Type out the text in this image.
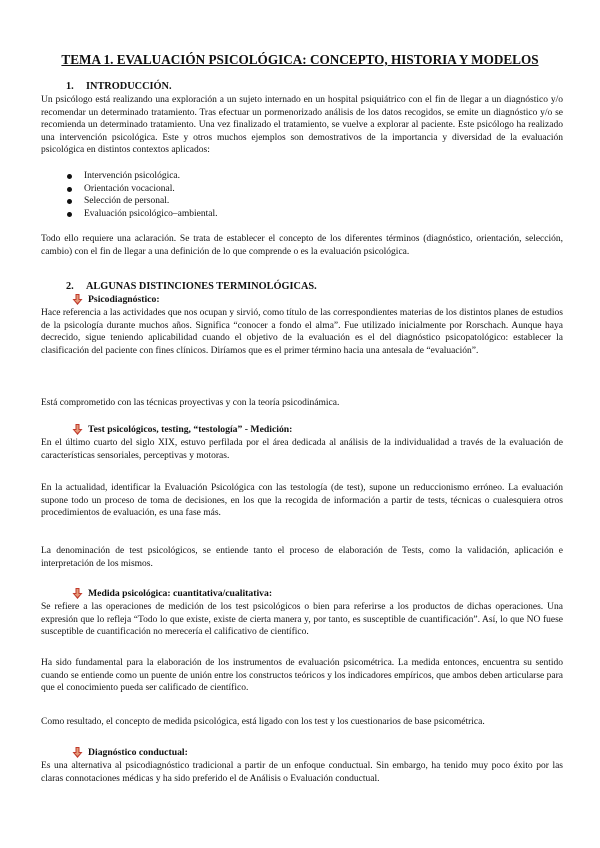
TEMA 1. EVALUACIÓN PSICOLÓGICA: CONCEPTO, HISTORIA Y MODELOS
1. INTRODUCCIÓN.

Un psicólogo está realizando una exploración a un sujeto internado en un hospital psiquiátrico con el fin de llegar a un diagnóstico y/o recomendar un determinado tratamiento. Tras efectuar un pormenorizado análisis de los datos recogidos, se emite un diagnóstico y/o se recomienda un determinado tratamiento. Una vez finalizado el tratamiento, se vuelve a explorar al paciente. Este psicólogo ha realizado una intervención psicológica. Este y otros muchos ejemplos son demostrativos de la importancia y diversidad de la evaluación psicológica en distintos contextos aplicados:

Intervención psicológica.
Orientación vocacional.
Selección de personal.
Evaluación psicológico–ambiental.

Todo ello requiere una aclaración. Se trata de establecer el concepto de los diferentes términos (diagnóstico, orientación, selección, cambio) con el fin de llegar a una definición de lo que comprende o es la evaluación psicológica.

2. ALGUNAS DISTINCIONES TERMINOLÓGICAS.
Psicodiagnóstico:

Hace referencia a las actividades que nos ocupan y sirvió, como título de las correspondientes materias de los distintos planes de estudios de la psicología durante muchos años. Significa “conocer a fondo el alma”. Fue utilizado inicialmente por Rorschach. Aunque haya decrecido, sigue teniendo aplicabilidad cuando el objetivo de la evaluación es el del diagnóstico psicopatológico: establecer la clasificación del paciente con fines clínicos. Diríamos que es el primer término hacia una antesala de “evaluación”.

Está comprometido con las técnicas proyectivas y con la teoría psicodinámica.

Test psicológicos, testing, “testología” - Medición:

En el último cuarto del siglo XIX, estuvo perfilada por el área dedicada al análisis de la individualidad a través de la evaluación de características sensoriales, perceptivas y motoras.

En la actualidad, identificar la Evaluación Psicológica con las testología (de test), supone un reduccionismo erróneo. La evaluación supone todo un proceso de toma de decisiones, en los que la recogida de información a partir de tests, técnicas o cualesquiera otros procedimientos de evaluación, es una fase más.

La denominación de test psicológicos, se entiende tanto el proceso de elaboración de Tests, como la validación, aplicación e interpretación de los mismos.

Medida psicológica: cuantitativa/cualitativa:

Se refiere a las operaciones de medición de los test psicológicos o bien para referirse a los productos de dichas operaciones. Una expresión que lo refleja “Todo lo que existe, existe de cierta manera y, por tanto, es susceptible de cuantificación”. Así, lo que NO fuese susceptible de cuantificación no merecería el calificativo de científico.

Ha sido fundamental para la elaboración de los instrumentos de evaluación psicométrica. La medida entonces, encuentra su sentido cuando se entiende como un puente de unión entre los constructos teóricos y los indicadores empíricos, que ambos deben articularse para que el conocimiento pueda ser calificado de científico.

Como resultado, el concepto de medida psicológica, está ligado con los test y los cuestionarios de base psicométrica.

Diagnóstico conductual:

Es una alternativa al psicodiagnóstico tradicional a partir de un enfoque conductual. Sin embargo, ha tenido muy poco éxito por las claras connotaciones médicas y ha sido preferido el de Análisis o Evaluación conductual.
